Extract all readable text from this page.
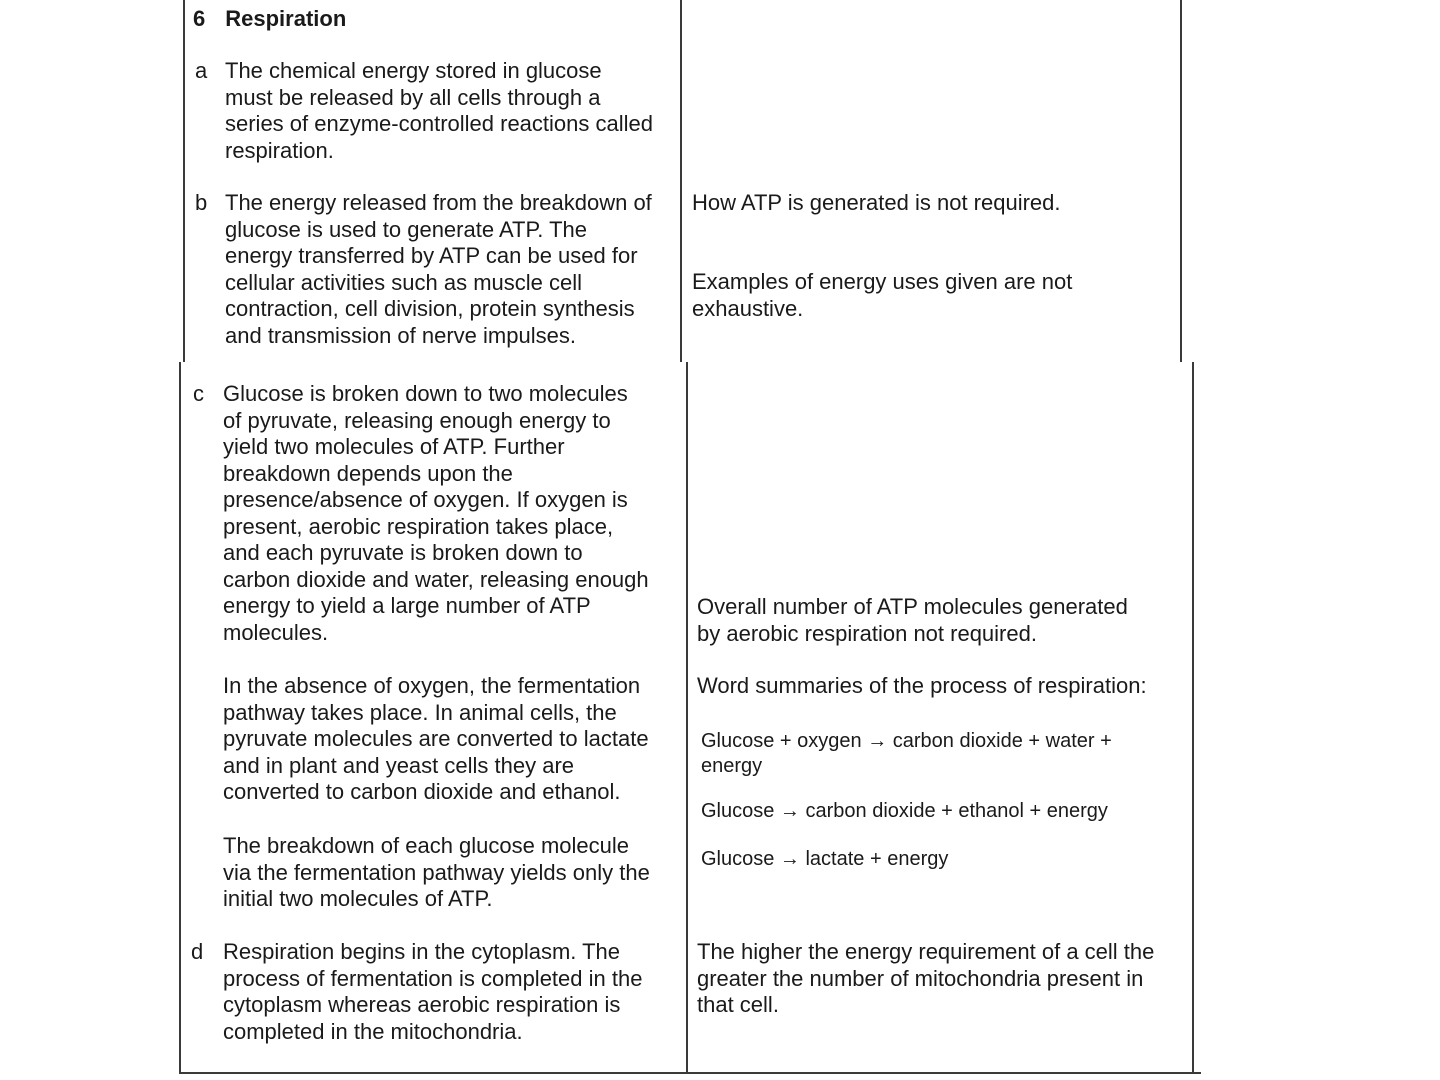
6 Respiration
a The chemical energy stored in glucose
must be released by all cells through a
series of enzyme-controlled reactions called
respiration.
b The energy released from the breakdown of
glucose is used to generate ATP. The
energy transferred by ATP can be used for
cellular activities such as muscle cell
contraction, cell division, protein synthesis
and transmission of nerve impulses.
How ATP is generated is not required.
Examples of energy uses given are not
exhaustive.
c Glucose is broken down to two molecules
of pyruvate, releasing enough energy to
yield two molecules of ATP. Further
breakdown depends upon the
presence/absence of oxygen. If oxygen is
present, aerobic respiration takes place,
and each pyruvate is broken down to
carbon dioxide and water, releasing enough
energy to yield a large number of ATP
molecules.
In the absence of oxygen, the fermentation
pathway takes place. In animal cells, the
pyruvate molecules are converted to lactate
and in plant and yeast cells they are
converted to carbon dioxide and ethanol.
The breakdown of each glucose molecule
via the fermentation pathway yields only the
initial two molecules of ATP.
Overall number of ATP molecules generated
by aerobic respiration not required.
Word summaries of the process of respiration:
Glucose + oxygen → carbon dioxide + water +
energy
Glucose → carbon dioxide + ethanol + energy
Glucose → lactate + energy
d Respiration begins in the cytoplasm. The
process of fermentation is completed in the
cytoplasm whereas aerobic respiration is
completed in the mitochondria.
The higher the energy requirement of a cell the
greater the number of mitochondria present in
that cell.
